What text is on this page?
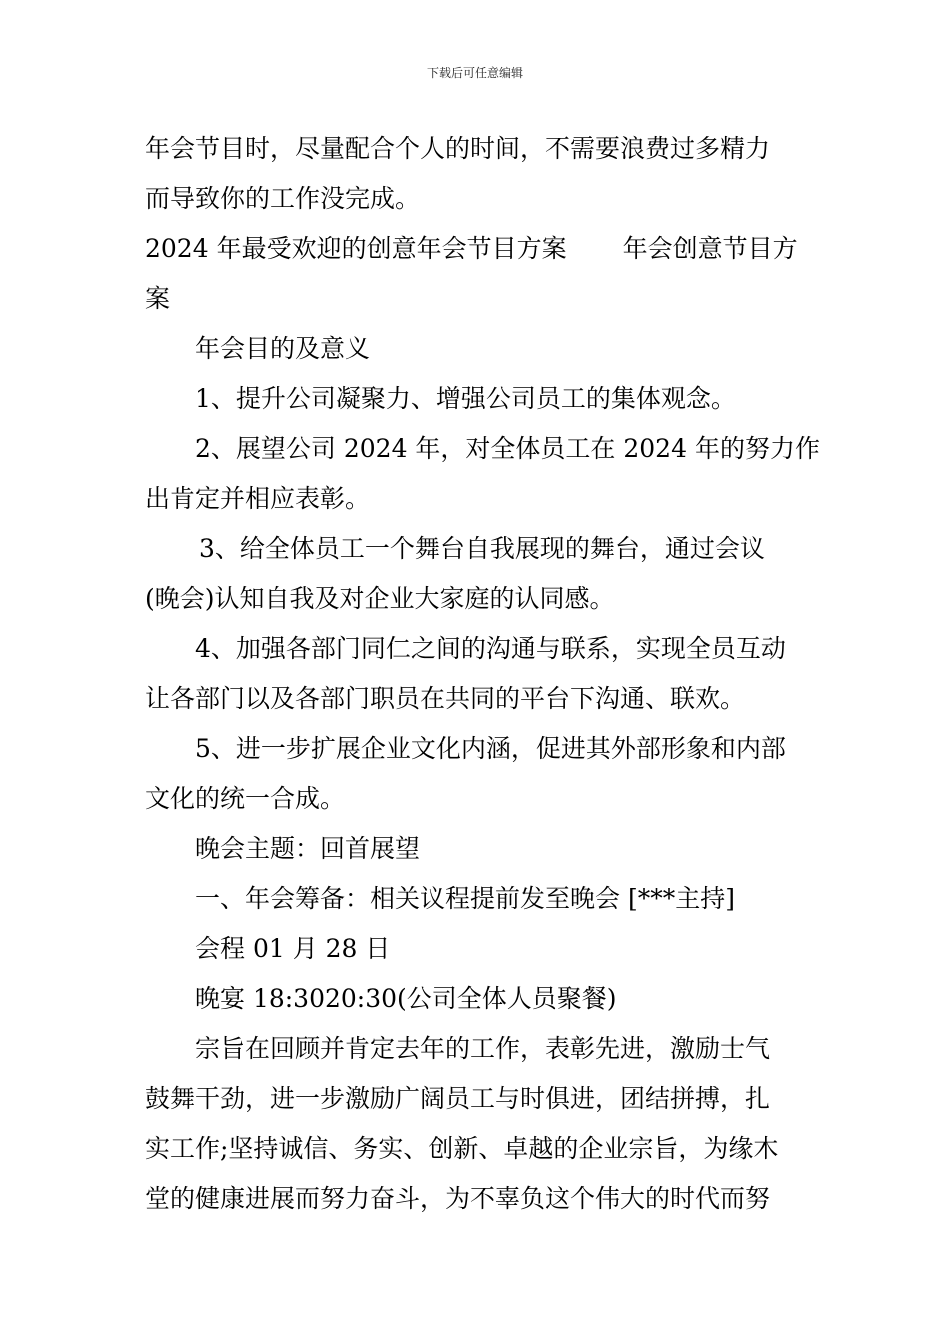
下载后可任意编辑
年会节目时，尽量配合个人的时间，不需要浪费过多精力
而导致你的工作没完成。
2024 年最受欢迎的创意年会节目方案 年会创意节目方
案
年会目的及意义
1、提升公司凝聚力、增强公司员工的集体观念。
2、展望公司 2024 年，对全体员工在 2024 年的努力作
出肯定并相应表彰。
3、给全体员工一个舞台自我展现的舞台，通过会议
(晚会)认知自我及对企业大家庭的认同感。
4、加强各部门同仁之间的沟通与联系，实现全员互动
让各部门以及各部门职员在共同的平台下沟通、联欢。
5、进一步扩展企业文化内涵，促进其外部形象和内部
文化的统一合成。
晚会主题：回首展望
一、年会筹备：相关议程提前发至晚会 [***主持]
会程 01 月 28 日
晚宴 18:3020:30(公司全体人员聚餐)
宗旨在回顾并肯定去年的工作，表彰先进，激励士气
鼓舞干劲，进一步激励广阔员工与时俱进，团结拼搏，扎
实工作;坚持诚信、务实、创新、卓越的企业宗旨，为缘木
堂的健康进展而努力奋斗，为不辜负这个伟大的时代而努
